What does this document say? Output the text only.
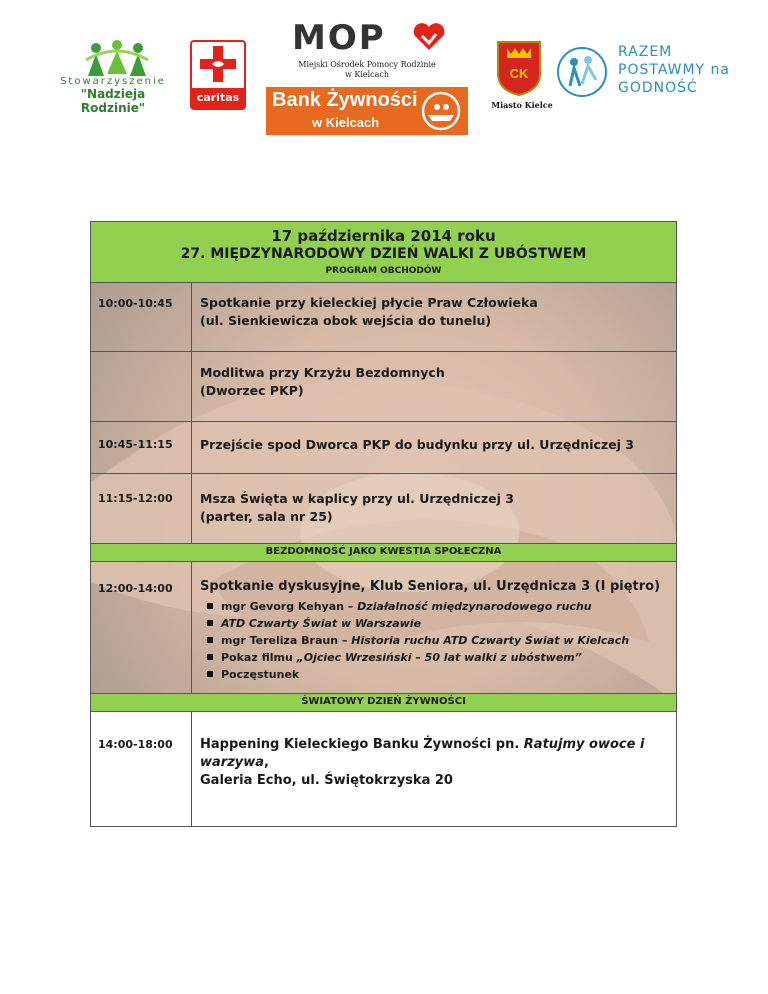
Stowarzyszenie
"Nadzieja Rodzinie"
caritas
MOP
Miejski Ośrodek Pomocy Rodzinie
w Kielcach
Bank Żywności
w Kielcach
CK
Miasto Kielce
RAZEM
POSTAWMY na
GODNOŚĆ
17 października 2014 roku
27. MIĘDZYNARODOWY DZIEŃ WALKI Z UBÓSTWEM
PROGRAM OBCHODÓW
10:00-10:45 Spotkanie przy kieleckiej płycie Praw Człowieka
(ul. Sienkiewicza obok wejścia do tunelu)
Modlitwa przy Krzyżu Bezdomnych
(Dworzec PKP)
10:45-11:15 Przejście spod Dworca PKP do budynku przy ul. Urzędniczej 3
11:15-12:00 Msza Święta w kaplicy przy ul. Urzędniczej 3
(parter, sala nr 25)
BEZDOMNOŚĆ JAKO KWESTIA SPOŁECZNA
12:00-14:00 Spotkanie dyskusyjne, Klub Seniora, ul. Urzędnicza 3 (I piętro)
mgr Gevorg Kehyan – Działalność międzynarodowego ruchu
ATD Czwarty Świat w Warszawie
mgr Tereliza Braun – Historia ruchu ATD Czwarty Świat w Kielcach
Pokaz filmu „Ojciec Wrzesiński – 50 lat walki z ubóstwem”
Poczęstunek
ŚWIATOWY DZIEŃ ŻYWNOŚCI
14:00-18:00 Happening Kieleckiego Banku Żywności pn. Ratujmy owoce i warzywa,
Galeria Echo, ul. Świętokrzyska 20
